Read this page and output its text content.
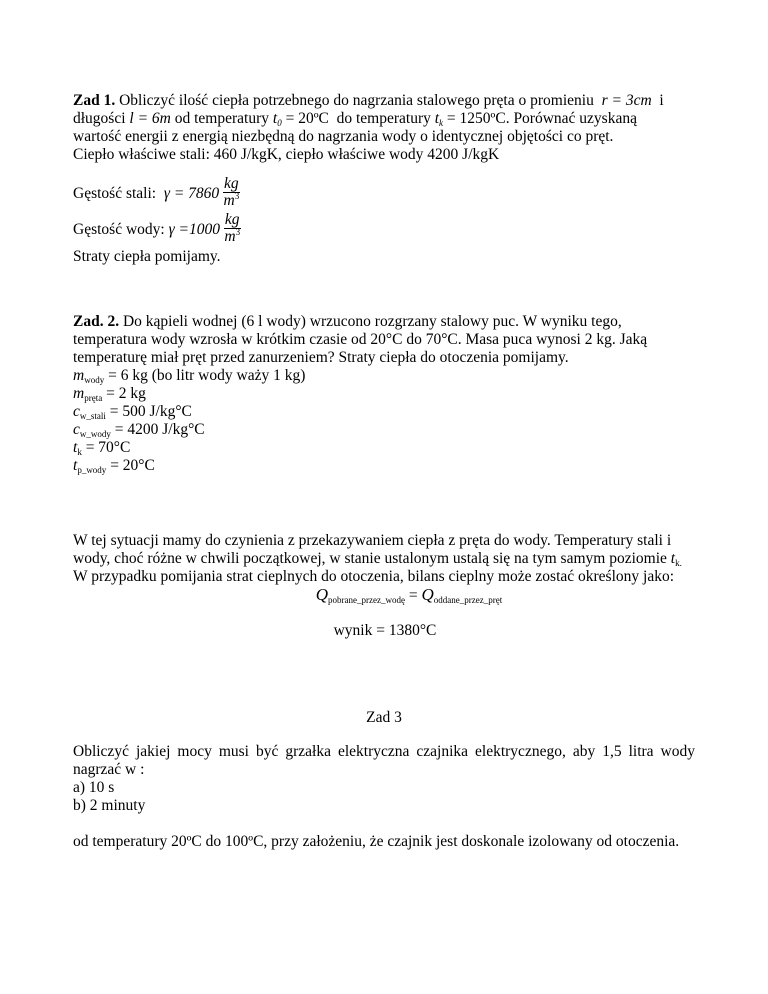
Zad 1. Obliczyć ilość ciepła potrzebnego do nagrzania stalowego pręta o promieniu r = 3cm i
długości l = 6m od temperatury $t_0$ = 20ºC do temperatury $t_k$ = 1250ºC. Porównać uzyskaną
wartość energii z energią niezbędną do nagrzania wody o identycznej objętości co pręt.
Ciepło właściwe stali: 460 J/kgK, ciepło właściwe wody 4200 J/kgK
Gęstość stali: $\gamma = 7860 \frac{kg}{m^3}$
Gęstość wody: $\gamma =1000 \frac{kg}{m^3}$
Straty ciepła pomijamy.
Zad. 2. Do kąpieli wodnej (6 l wody) wrzucono rozgrzany stalowy puc. W wyniku tego,
temperatura wody wzrosła w krótkim czasie od 20°C do 70°C. Masa puca wynosi 2 kg. Jaką
temperaturę miał pręt przed zanurzeniem? Straty ciepła do otoczenia pomijamy.
$m_{wody} = 6$ kg (bo litr wody waży 1 kg)
$m_{pręta} = 2$ kg
$c_{w\_stali} = 500$ J/kg°C
$c_{w\_wody} = 4200$ J/kg°C
$t_k = 70^\circ C$
$t_{p\_wody} = 20^\circ C$
W tej sytuacji mamy do czynienia z przekazywaniem ciepła z pręta do wody. Temperatury stali i
wody, choć różne w chwili początkowej, w stanie ustalonym ustalą się na tym samym poziomie $t_{k.}$
W przypadku pomijania strat cieplnych do otoczenia, bilans cieplny może zostać określony jako:
$Q_{pobrane\_przez\_wodę} = Q_{oddane\_przez\_pręt}$
wynik = 1380°C
Zad 3
Obliczyć jakiej mocy musi być grzałka elektryczna czajnika elektrycznego, aby 1,5 litra wody
nagrzać w :
a) 10 s
b) 2 minuty
od temperatury 20ºC do 100ºC, przy założeniu, że czajnik jest doskonale izolowany od otoczenia.
